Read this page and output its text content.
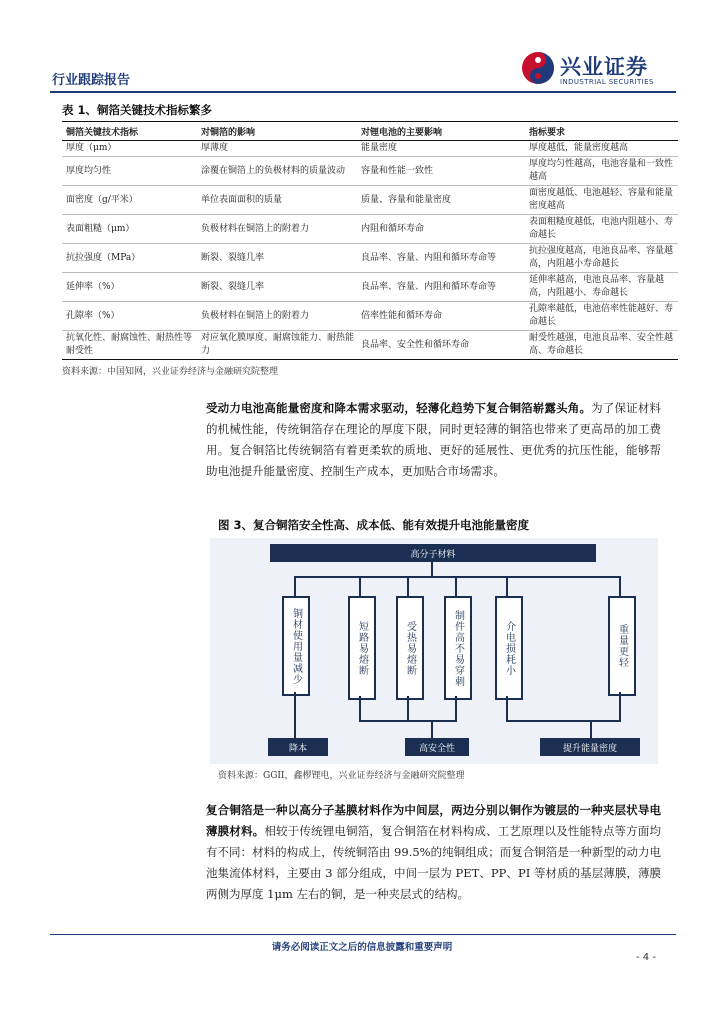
行业跟踪报告
兴业证券
INDUSTRIAL SECURITIES
表 1、铜箔关键技术指标繁多
铜箔关键技术指标	对铜箔的影响	对锂电池的主要影响	指标要求
厚度（μm）	厚薄度	能量密度	厚度越低，能量密度越高
厚度均匀性	涂覆在铜箔上的负极材料的质量波动	容量和性能一致性	厚度均匀性越高，电池容量和一致性越高
面密度（g/平米）	单位表面面积的质量	质量、容量和能量密度	面密度越低、电池越轻、容量和能量密度越高
表面粗糙（μm）	负极材料在铜箔上的附着力	内阻和循环寿命	表面粗糙度越低，电池内阻越小、寿命越长
抗拉强度（MPa）	断裂、裂缝几率	良品率、容量、内阻和循环寿命等	抗拉强度越高，电池良品率、容量越高，内阻越小寿命越长
延伸率（%）	断裂、裂缝几率	良品率、容量、内阻和循环寿命等	延伸率越高，电池良品率、容量越高，内阻越小、寿命越长
孔隙率（%）	负极材料在铜箔上的附着力	倍率性能和循环寿命	孔隙率越低，电池倍率性能越好、寿命越长
抗氧化性、耐腐蚀性、耐热性等耐受性	对应氧化膜厚度、耐腐蚀能力、耐热能力	良品率、安全性和循环寿命	耐受性越强，电池良品率、安全性越高、寿命越长
资料来源：中国知网，兴业证券经济与金融研究院整理
受动力电池高能量密度和降本需求驱动，轻薄化趋势下复合铜箔崭露头角。为了保证材料的机械性能，传统铜箔存在理论的厚度下限，同时更轻薄的铜箔也带来了更高昂的加工费用。复合铜箔比传统铜箔有着更柔软的质地、更好的延展性、更优秀的抗压性能，能够帮助电池提升能量密度、控制生产成本，更加贴合市场需求。
图 3、复合铜箔安全性高、成本低、能有效提升电池能量密度
高分子材料
铜材使用量减少	短路易熔断	受热易熔断	制件高不易穿刺	介电损耗小	重量更轻
降本	高安全性	提升能量密度
资料来源：GGII，鑫椤锂电，兴业证券经济与金融研究院整理
复合铜箔是一种以高分子基膜材料作为中间层，两边分别以铜作为镀层的一种夹层状导电薄膜材料。相较于传统锂电铜箔，复合铜箔在材料构成、工艺原理以及性能特点等方面均有不同：材料的构成上，传统铜箔由 99.5%的纯铜组成；而复合铜箔是一种新型的动力电池集流体材料，主要由 3 部分组成，中间一层为 PET、PP、PI 等材质的基层薄膜，薄膜两侧为厚度 1μm 左右的铜，是一种夹层式的结构。
请务必阅读正文之后的信息披露和重要声明
- 4 -
